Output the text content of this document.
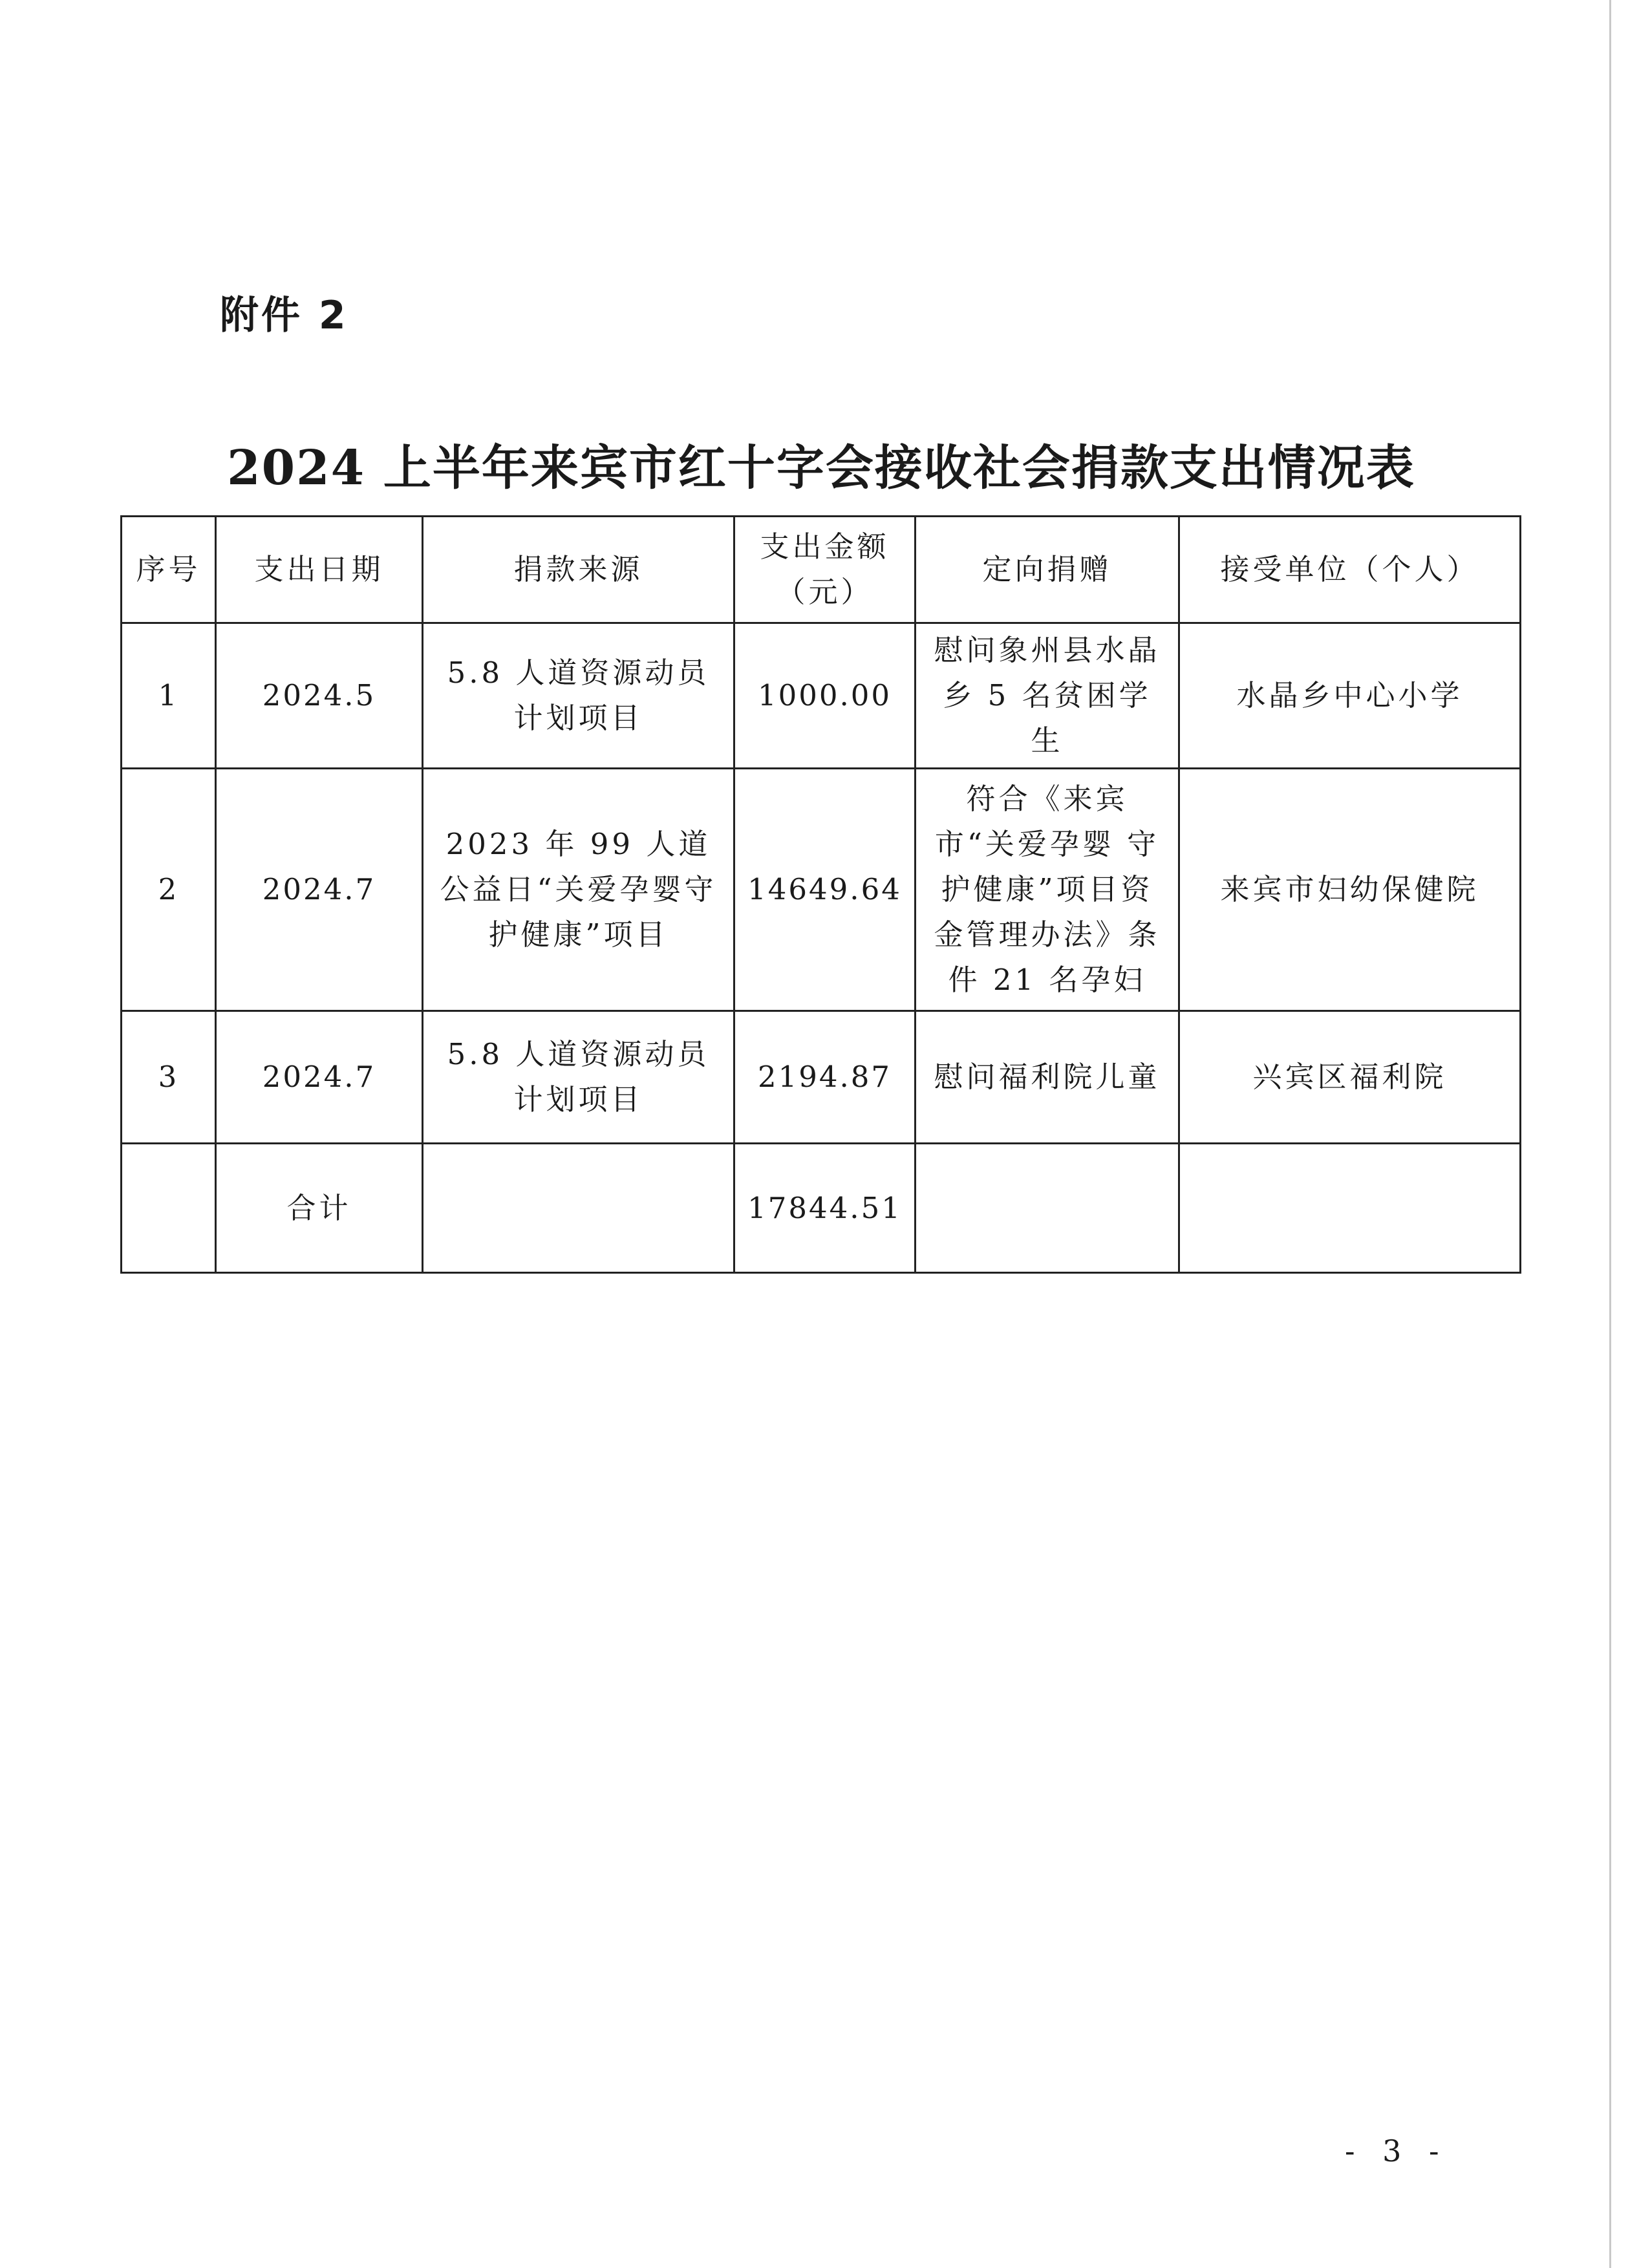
附件 2
2024 上半年来宾市红十字会接收社会捐款支出情况表
序号	支出日期	捐款来源	支出金额（元）	定向捐赠	接受单位（个人）
1	2024.5	5.8 人道资源动员计划项目	1000.00	慰问象州县水晶乡 5 名贫困学生	水晶乡中心小学
2	2024.7	2023 年 99 人道公益日“关爱孕婴守护健康”项目	14649.64	符合《来宾市“关爱孕婴 守护健康”项目资金管理办法》条件 21 名孕妇	来宾市妇幼保健院
3	2024.7	5.8 人道资源动员计划项目	2194.87	慰问福利院儿童	兴宾区福利院
	合计		17844.51		
- 3 -
